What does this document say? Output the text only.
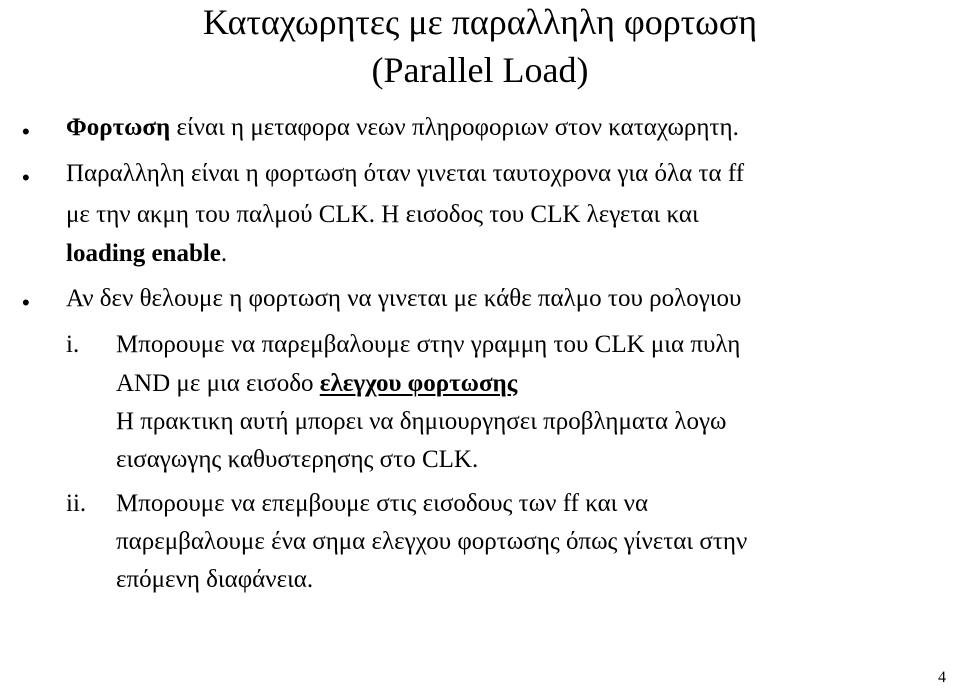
Καταχωρητες με παραλληλη φορτωση
(Parallel Load)
• Φορτωση είναι η μεταφορα νεων πληροφοριων στον καταχωρητη.
• Παραλληλη είναι η φορτωση όταν γινεται ταυτοχρονα για όλα τα ff
με την ακμη του παλμού CLK. Η εισοδος του CLK λεγεται και
loading enable.
• Αν δεν θελουμε η φορτωση να γινεται με κάθε παλμο του ρολογιου
i. Μπορουμε να παρεμβαλουμε στην γραμμη του CLK μια πυλη
AND με μια εισοδο ελεγχου φορτωσης
Η πρακτικη αυτή μπορει να δημιουργησει προβληματα λογω
εισαγωγης καθυστερησης στο CLK.
ii. Μπορουμε να επεμβουμε στις εισοδους των ff και να
παρεμβαλουμε ένα σημα ελεγχου φορτωσης όπως γίνεται στην
επόμενη διαφάνεια.
4
